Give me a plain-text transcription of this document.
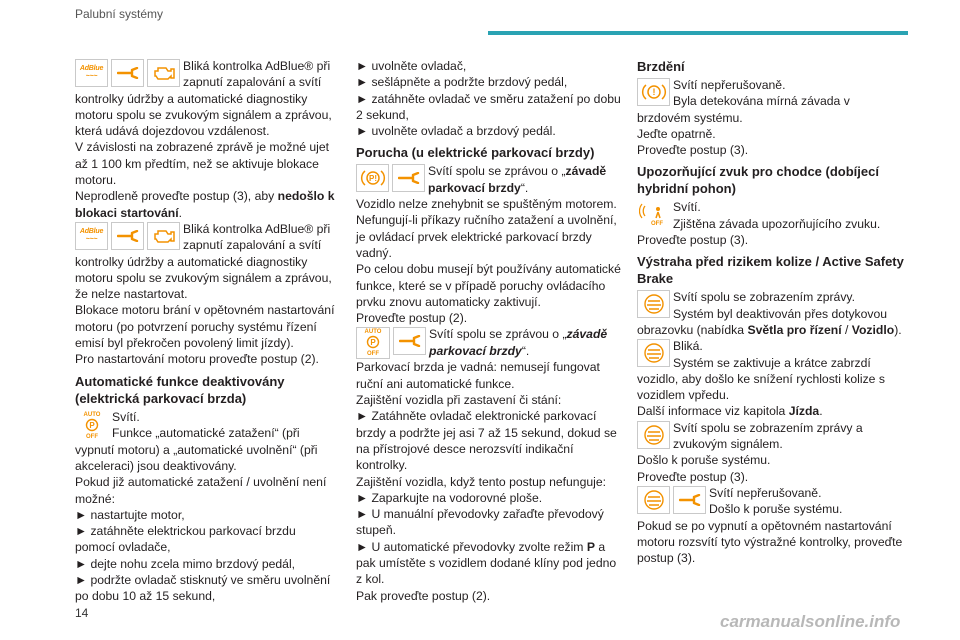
Palubní systémy
AdBlue
~~~
Bliká kontrolka AdBlue® při zapnutí zapalování a svítí

kontrolky údržby a automatické diagnostiky motoru spolu se zvukovým signálem a zprávou, která udává dojezdovou vzdálenost.

V závislosti na zobrazené zprávě je možné ujet až 1 100 km předtím, než se aktivuje blokace motoru.

Neprodleně proveďte postup (3), aby nedošlo k blokaci startování.

AdBlue
~~~
Bliká kontrolka AdBlue® při zapnutí zapalování a svítí

kontrolky údržby a automatické diagnostiky motoru spolu se zvukovým signálem a zprávou, že nelze nastartovat.

Blokace motoru brání v opětovném nastartování motoru (po potvrzení poruchy systému řízení emisí byl překročen povolený limit jízdy).

Pro nastartování motoru proveďte postup (2).

Automatické funkce deaktivovány (elektrická parkovací brzda)
AUTO

P

OFF
Svítí.
Funkce „automatické zatažení“ (při

vypnutí motoru) a „automatické uvolnění“ (při akceleraci) jsou deaktivovány.

Pokud již automatické zatažení / uvolnění není možné:

► nastartujte motor,

► zatáhněte elektrickou parkovací brzdu pomocí ovladače,

► dejte nohu zcela mimo brzdový pedál,

► podržte ovladač stisknutý ve směru uvolnění po dobu 10 až 15 sekund,

► uvolněte ovladač,

► sešlápněte a podržte brzdový pedál,

► zatáhněte ovladač ve směru zatažení po dobu 2 sekund,

► uvolněte ovladač a brzdový pedál.

Porucha (u elektrické parkovací brzdy)
P!
Svítí spolu se zprávou o „závadě parkovací brzdy“.

Vozidlo nelze znehybnit se spuštěným motorem.

Nefungují-li příkazy ručního zatažení a uvolnění, je ovládací prvek elektrické parkovací brzdy vadný.

Po celou dobu musejí být používány automatické funkce, které se v případě poruchy ovládacího prvku znovu automaticky zaktivují.

Proveďte postup (2).

AUTO

P

OFF
Svítí spolu se zprávou o „závadě parkovací brzdy“.

Parkovací brzda je vadná: nemusejí fungovat ruční ani automatické funkce.

Zajištění vozidla při zastavení či stání:

► Zatáhněte ovladač elektronické parkovací brzdy a podržte jej asi 7 až 15 sekund, dokud se na přístrojové desce nerozsvítí indikační kontrolky.

Zajištění vozidla, když tento postup nefunguje:

► Zaparkujte na vodorovné ploše.

► U manuální převodovky zařaďte převodový stupeň.

► U automatické převodovky zvolte režim P a pak umístěte s vozidlem dodané klíny pod jedno z kol.

Pak proveďte postup (2).

Brzdění
! Svítí nepřerušovaně.
Byla detekována mírná závada v

brzdovém systému.

Jeďte opatrně.

Proveďte postup (3).

Upozorňující zvuk pro chodce (dobíjecí hybridní pohon)
OFF
Svítí.
Zjištěna závada upozorňujícího zvuku.

Proveďte postup (3).

Výstraha před rizikem kolize / Active Safety Brake
Svítí spolu se zobrazením zprávy.
Systém byl deaktivován přes dotykovou

obrazovku (nabídka Světla pro řízení / Vozidlo).

Bliká.
Systém se zaktivuje a krátce zabrzdí

vozidlo, aby došlo ke snížení rychlosti kolize s vozidlem vpředu.

Další informace viz kapitola Jízda.

Svítí spolu se zobrazením zprávy a zvukovým signálem.

Došlo k poruše systému.

Proveďte postup (3).

Svítí nepřerušovaně.
Došlo k poruše systému.

Pokud se po vypnutí a opětovném nastartování motoru rozsvítí tyto výstražné kontrolky, proveďte postup (3).

14	carmanualsonline.info
